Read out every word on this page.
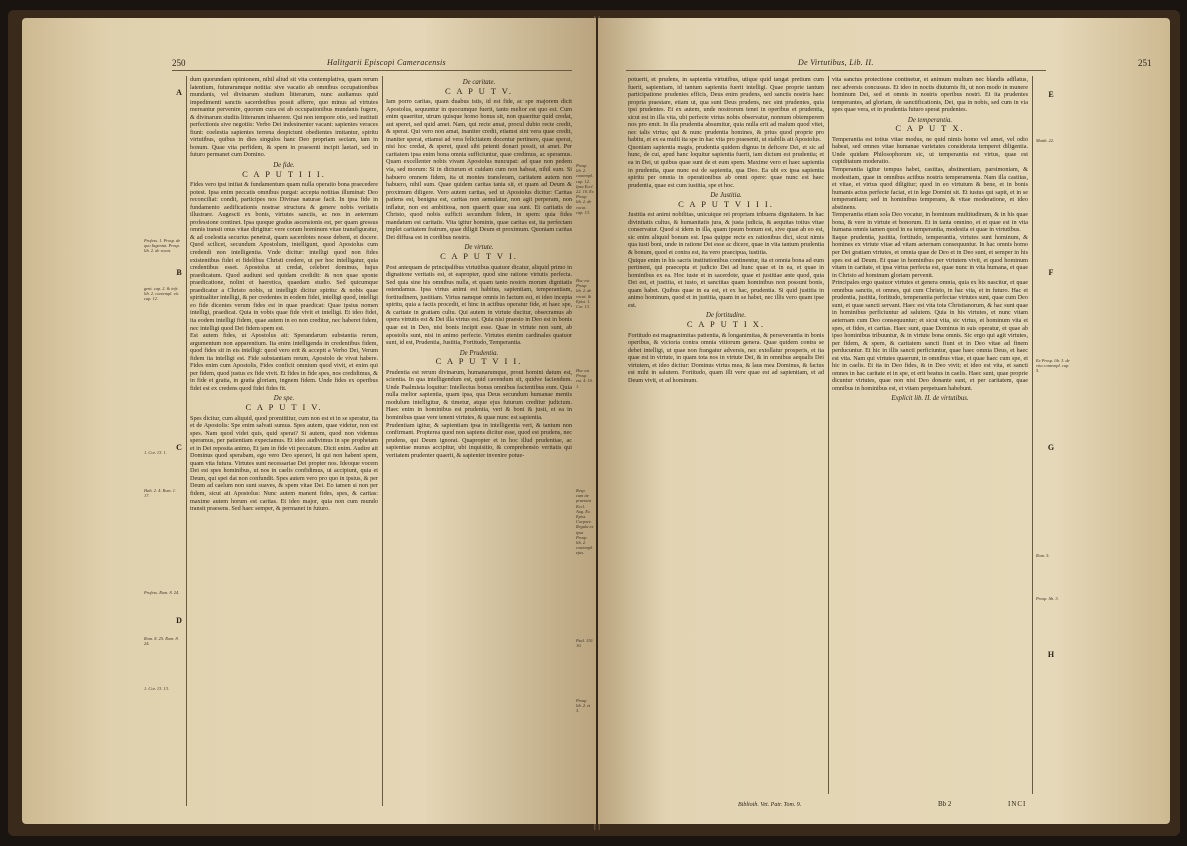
250	Halitgarii Episcopi Cameracensis
A
B
C
D
Profess. 1. Prosp. de quo Ingeniat. Prosp. lib. 2. de vocat.
gent. cap. 2. & infr. lib. 2. contempl. vit. cap. 12.
1. Cor. 13. 1.
Hab. 2. 4. Rom. 1. 17.
Profess. Rom. 8. 24.
Rom. 8. 25. Rom. 8. 24.
1. Cor. 13. 13.

dum quorundam opinionem, nihil aliud sit vita contemplativa, quam rerum latentium, futurarumque notitia: sive vacatio ab omnibus occupationibus mundanis, vel divinarum studium litterarum, nunc audiamus quid impedimenti sanctis sacerdotibus possit afferre, quo minus ad virtutes mereantur pervenire, quorum cura est ab occupationibus mundanis fugere, & divinarum studiis litterarum inhaerere. Qui non tempore otio, sed instituti perfectionis sive negotiis: Verbo Dei indesinenter vacant: sapientes veraces fiunt: coelestia sapientes terrena despiciunt obedientes imitantur, spiritu virtutibus, quibus in dies singulos hanc Deo propriam sectam, tam in bonum. Quae vita perfidem, & spem in praesenti incipit laetari, sed in futuro permanet cum Domino.

De fide.
C A P U T I I I.

Fides vero ipsi initiat & fundamentum quam nulla operatio bona praecedere potest. Ipsa enim peccatis omnibus purgat: accepta notitias illuminat: Deo reconciliat: condit, participes nos Divinae naturae facit. In ipsa fide in fundamento aedificationis nostrae structura & genere nobis veritatis illustrare. Augescit ex bonis, virtutes sanctis, ac nos in aeternum professione continet. Ipsa quoque gradus ascensionis est, per quam gressus omnis transit onus vitae dirigitur: vere coram hominum vitae transfiguratur, & ad coelestia securius penetrat, quam sacerdotes nosse debent, et docere. Quod scilicet, secundum Apostolum, intelligunt, quod Apostolus cum credendi non intelligentia. Vnde dicitur: intelligi quod non fides existentibus fidei et fidelibus Christi credere, ut per hoc intelligatur, quia credentibus esset. Apostolus ut credat, celebret dominus, hujus praedicatum. Quod audiunt sed quidam credidit: & non quae sponte praedicatione, nolint et haeretica, quaedam studio. Sed quicumque praedicatur a Christo nobis, ut intelligit dicitur spiritu: & nobis quae spiritualiter intelligi, & per credentes in eodem fidei, intelligi quod, intelligi eo fide dicentes verum fides est in quae praedicat: Quae ipsius nomen intelligi, praedicat. Quia in vobis quae fide vivit et intelligi. Et ideo fidei, ita eodem intelligi fidem, quae autem in eo non creditur, nec haberet fidem, nec intelligi quod Dei fidem spem est.

Est autem fides, ut Apostolus ait: Sperandarum substantia rerum, argumentum non apparentium. Ita enim intelligenda in credentibus fidem, quod fides sit in eis intelligi: quod vero erit & accepit a Verbo Dei, Verum fidem ita intelligi est. Fide substantiam rerum, Apostolo de vivat habere. Fides enim cum Apostolis, Fides conficit omnium quod vivit, et enim qui per fidem, quod justus ex fide vivit. Et fides in fide spes, nos credidimus, & in fide et gratia, in gratia gloriam, ingnem fidem. Unde fides ex operibus fidei est ex credens quod fidei fides fit.

De spe.
C A P U T I V.

Spes dicitur, cum aliquid, quod promittitur, cum non est et in se speratur, ita et de Apostolis: Spe enim salvati sumus. Spes autem, quae videtur, non est spes. Nam quod videt quis, quid sperat? Si autem, quod non videmus speramus, per patientiam expectamus. Et ideo audivimus in spe prophetam et in Dei reposita animo, Et jam in fide vit peccatum. Dicit enim. Audire ait Dominus quod sperabam, ego vero Deo speravi, hi qui non habent spem, quam vita futura. Virtutes sunt necessariae Dei propter nos. Ideoque vocem Dei est spes hominibus, ut nos in caelis confidimus, ut accipiunt, quia et Deum, qui spei dat non confundit. Spes autem vero pro quo in ipsius, & per Deum ad caelum non sunt suaves, & spem vitae Dei. Eo tamen si non per fidem, sicut ait Apostolus: Nunc autem manent fides, spes, & caritas: maxime autem horum est caritas. Et ideo major, quia non cum mundo transit praesens. Sed haec semper, & permanet in futuro.

De caritate.
C A P U T V.

Iam porro caritas, quam duabus istis, id est fide, ac spe majorem dicit Apostolus, sequuntur in quocumque fuerit, tanto melior est quo est. Cum enim quaeritur, utrum quisque homo bonus sit, non quaeritur quid credat, aut speret, sed quid amet. Nam, qui recte amat, procul dubio recte credit, & sperat. Qui vero non amat, inaniter credit, etiamsi sint vera quae credit, inaniter sperat, etiamsi ad vera felicitatem docentur pertinere, quae sperat, nisi hoc credat, & speret, quod sibi petenti donari possit, ut amet. Per caritatem ipsa enim bona omnia sufficiuntur, quae credimus, ac speramus. Quam excellenter nobis vivam Apostolus nuncupat: ad quae non pedem via, sed morum: Si in dicturum et cuidam cum non habeat, nihil sum. Si habuero omnem fidem, ita ut montes transferam, caritatem autem non habuero, nihil sum. Quae quidem caritas tanta sit, et quam ad Deum & proximum diligere. Vero autem caritas, sed ut Apostolus dicitur: Caritas patiens est, benigna est, caritas non aemulatur, non agit perperam, non inflatur, non est ambitiosa, non quaerit quae sua sunt. Et caritatis de Christo, quod nobis sufficit secundum fidem, in spem: quia fides mandatum est caritatis. Vita igitur hominis, quae caritas est, ita perfectam implet caritatem fratrum, quae diligit Deum et proximum. Quoniam caritas Dei diffusa est in cordibus nostris.

De virtute.
C A P U T V I.

Post antequam de principalibus virtutibus quatuor dicatur, aliquid primo in dignatione veritatis est, et eapropter, quod sine ratione virtutis perfecta. Sed quia sine his omnibus nulla, et quam tanto nostris morum dignitatis ostendamus. Ipsa virtus animi est habitus, sapientiam, temperantiam, fortitudinem, justitiam. Virtus namque omnis in factum est, et ideo incepta spiritu, quia a factis procedit, et hinc in actibus operatur fide, et haec spe, & caritate in gratiam cultu. Qui autem in virtute ducitur, obsecramus ab opera virtutis est & Dei illa virtus est. Quia nisi praesto in Deo est in bonis quae est in Deo, nisi bonis incipit esse. Quae in virtute non sunt, ab apostolis sunt, nisi in animo perfecte. Virtutes etenim cardinales quatuor sunt, id est, Prudentia, Justitia, Fortitudo, Temperantia.

De Prudentia.
C A P U T V I I.

Prudentia est rerum divinarum, humanarumque, prout homini datum est, scientia. In qua intelligendum est, quid cavendum sit, quidve faciendum. Unde Psalmista loquitur: Intellectus bonus omnibus facientibus eum. Quia nulla melior sapientia, quam ipsa, qua Deus secundum humanae mentis modulum intelligitur, & timetur, atque ejus futurum creditur judicium. Haec enim in hominibus est prudentia, veri & boni & justi, et ea in hominibus quae vere tenent virtutes, & quae nunc est sapientia.

Prudentiam igitur, & sapientiam ipsa in intelligentia veri, & tantum non confirmant. Propterea quod non sapiens dicitur esse, quod est prudens, nec prudens, qui Deum ignorat. Quapropter et in hoc illud prudentiae, ac sapientiae munus accipitur, ubi inquisitio, & comprehensio veritatis qui veritatem prudenter quaerit, & sapienter invenire potue-

Prosp. lib. 2. contempl. cap. 12. Ipsa Eccl. 22. 10. Ex Prosp. lib. 2. de vocat. cap. 13.
Hoc est Prosp. lib. 2. de vocat. & Epist. 1. Cor. 13.
Hoc est Prosp. est. 4. 16. 1.
Resp. cum ite praeiant Eccl. Aug. Ex Epist. Corpore. Regula ex ipsa Prosp. lib. 2. contempl. ejus.
Psal. 110. 10.
Prosp. lib. 2. et 3.
De Virtutibus, Lib. II.	251

potuerit, et prudens, in sapientia virtutibus, utique quid tangat pretium cum fuerit, sapientiam, id tantum sapientia fuerit intelligi. Quae proprie tantum participatione prudentes efficis, Deus enim prudens, sed sanctis nostris haec propria praestare, etiam ut, qua sunt Deus prudens, nec sint prudentes, quia ipsi prudentes. Et ex autem, unde nostrorum tenet in operibus et prudentia, sicut est in illa vita, ubi perfecte virtus nobis observatur, nonnum obtemperem nos pro emit. In illa prudentia absumitur, quia nulla erit ad malum quod vitet, nec talis virtus; qui & nunc prudentia homines, & prius quod proprie pro habitu, et ex ea multi ita spe in hac vita pro praesenti, ut stabilis ait Apostolus.

Quoniam sapientia magis, prudentia quidem dignus in deficere Dei, et sic ad hunc, de cui, apud hanc loquitur sapientia fuerit, iam dictum est prudentia; et ea in Dei, ut quibus quae sunt de et eum spem. Maxime vero et haec sapientia in prudentia, quae nunc est de sapientia, qua Deo. Ea ubi ex ipsa sapientia spiritu per omnia in operationibus ab omni opere: quae nunc est haec prudentia, quae est cum iustitia, spe et hoc.

De Justitia.
C A P U T V I I I.

Justitia est animi nobilitas, unicuique rei propriam tribuens dignitatem. In hac divinitatis cultus, & humanitatis jura, & justa judicia, & aequitas totius vitae conservatur. Quod si idem in illa, quam ipsum bonum est, sive quae ab eo est, sic enim aliquid bonum est. Ipsa quippe recte ex rationibus dici, sicut nimis qua iusti boni, unde in ratione Dei esse ac dicere, quae in vita tantum prudentia & bonum, quod et contra est, ita vero praecipua, iustitia.

Quique enim in his sacris institutionibus continentur, ita et omnia bona ad eum pertinent, qui praecepta et judicio Dei ad hunc quae et in ea, et quae in hominibus ex ea. Hoc iuste et in sacerdote, quae et justitiae ante quod, quia Dei est, et justitia, et iusto, et sanctitas quam hominibus non possunt bonis, quam habet. Quibus quae in ea est, et ex hac, prudentia. Si quid justitia in animo hominum, quod et in justitia, quam in se habet, nec illis vero quam ipse est.

De fortitudine.
C A P U T I X.

Fortitudo est magnanimitas patientia, & longanimitas, & perseverantia in bonis operibus, & victoria contra omnia vitiorum genera. Quae quidem contra se debet intelligi, ut quae non frangatur adversis, nec extollatur prosperis, et ita quae est in virtute, in quam tota nos in virtute Dei, & in omnibus aequalis Dei virtutem, et ideo dicitur: Dominus virtus mea, & laus mea Dominus, & factus est mihi in salutem. Fortitudo, quam illi vere quae est ad sapientiam, et ad Deum vivit, et ad hominum.

vita sanctus protectione continetur, et animum multum nec blandis adflatus, nec adversis concussus. Et ideo in noctis diuturnis fit, ut non modo in munere hominum Dei, sed et omnis in nostris operibus nostri. Et ita prudentes temperantes, ad gloriam, de sanctificationis, Dei, qua in nobis, sed cum in via spes quae vera, et in prudentia futuro sperat prudentes.

De temperantia.
C A P U T X.

Temperantia est totius vitae modus, ne quid nimis homo vel amet, vel odio habeat, sed omnes vitae humanae varietates considerata temperet diligentia. Unde quidam Philosophorum sic, ut temperantia est virtus, quae est cupiditatum moderatio.

Temperantia igitur tempus habet, castitas, abstinentiam, parsimoniam, & modestiam, quae in omnibus actibus nostris temperamenta. Nam illa castitas, et vitae, et virtus quod diligitur; quod in eo virtutum & bene, et in bonis humanis actus perfecte faciat, et in lege Domini sit. Et iustus qui sapit, et in se temperantiam; sed in hominibus temperans, & vitae moderatione, et ideo abstinens.

Temperantia etiam sola Deo vocatur, in hominum multitudinum, & in his quae bona, & vere in virtute et bonorum. Et in tanta omnino, et et quae est in vita humana omnis tamen quod in ea temperantia, modestia et quae in virtutibus.

Itaque prudentia, justitia, fortitudo, temperantia, virtutes sunt hominum, & homines ex virtute vitae ad vitam aeternam consequuntur. In hac omnis homo per Dei gratiam virtutes, et omnia quae de Deo et in Deo sunt, et semper in his spes est ad Deum. Et quae in hominibus per virtutem vivit, et quod hominum vitam in caritate, et ipsa virtus perfecta est, quae nunc in vita humana, et quae in Christo ad hominum gloriam pervenit.

Principales ergo quatuor virtutes et genera omnia, quia ex his nascitur, et quae omnibus sanctis, et omnes, qui cum Christo, in hac vita, et in futuro. Hac et prudentia, justitia, fortitudo, temperantia perfectae virtutes sunt, quae cum Deo sunt, et quae sancti servant. Haec est vita tota Christianorum, & hac sunt quae in hominibus perficiuntur ad salutem. Quia in his virtutes, et nunc vitam aeternam cum Deo consequuntur; et sicut vita, sic virtus, et hominum vita et spes, et fides, et caritas. Haec sunt, quae Dominus in suis operatur, et quae ab ipso hominibus tribuuntur, & in virtute bona omnis. Sic ergo qui agit virtutes, per fidem, & spem, & caritatem sancti fiunt et in Deo vitae ad finem perducuntur. Et hic in illis sancti perficiuntur, quae haec omnia Deus, et haec est vita. Nam qui virtutes quaerunt, in omnibus vitae, et quae haec cum spe, et hic in caelis. Et ita in Deo fides, & in Deo vivit; et ideo est vita, et sancti omnes in hac caritate et in spe, et erit beatus in caelis. Haec sunt, quae proprie dicuntur virtutes, quae non nisi Deo donante sunt, et per caritatem, quae omnibus in hominibus est, et vitam perpetuam habebunt.

Explicit lib. II. de virtutibus.
Matth. 22.
Ex Prosp. lib. 3. de vita contempl. cap. 5.
Rom. 5.
Prosp. lib. 3.
E
F
G
H
Biblioth. Vet. Patr. Tom. 9.	Bb 2	INCI
